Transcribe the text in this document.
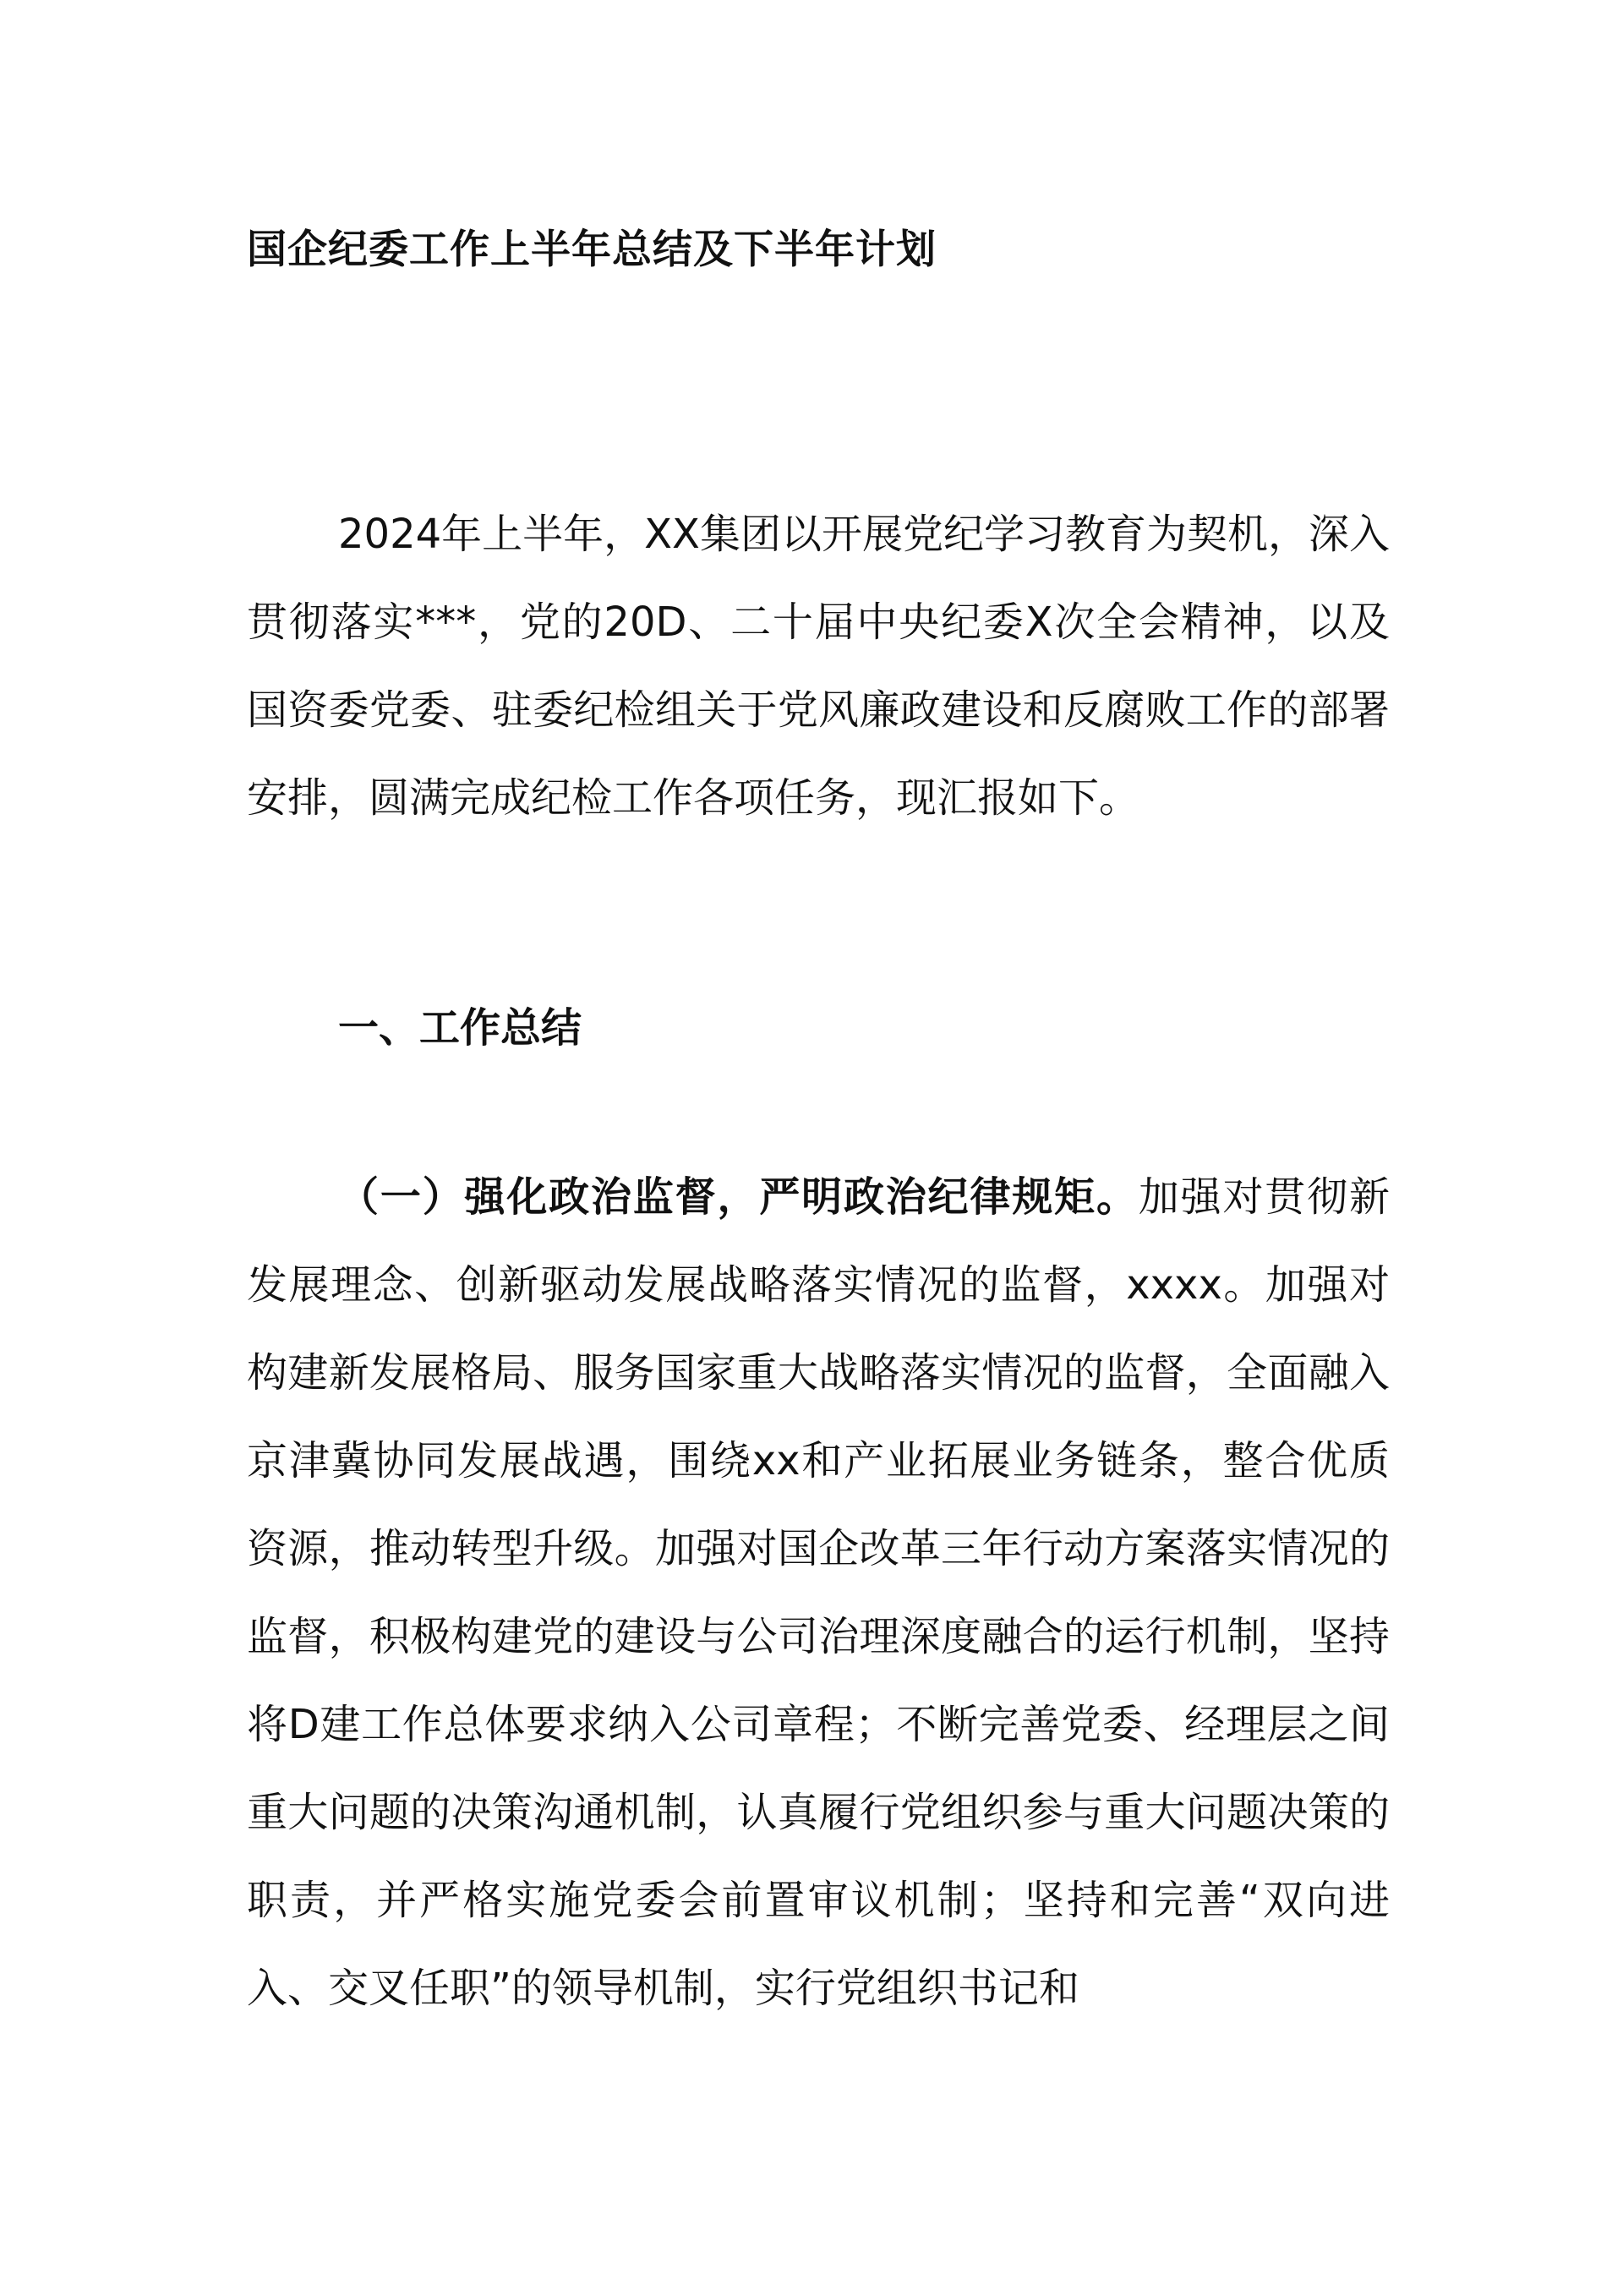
国企纪委工作上半年总结及下半年计划

2024年上半年，XX集团以开展党纪学习教育为契机，深入贯彻落实***，党的20D、二十届中央纪委X次全会精神，以及国资委党委、驻委纪检组关于党风廉政建设和反腐败工作的部署安排，圆满完成纪检工作各项任务，现汇报如下。

一、工作总结

（一）强化政治监督，严明政治纪律规矩。加强对贯彻新发展理念、创新驱动发展战略落实情况的监督，xxxx。加强对构建新发展格局、服务国家重大战略落实情况的监督，全面融入京津冀协同发展战遇，围绕xx和产业拓展业务链条，整合优质资源，推动转型升级。加强对国企改革三年行动方案落实情况的监督，积极构建党的建设与公司治理深度融合的运行机制，坚持将D建工作总体要求纳入公司章程；不断完善党委、经理层之间重大问题的决策沟通机制，认真履行党组织参与重大问题决策的职责，并严格实施党委会前置审议机制；坚持和完善“双向进入、交叉任职”的领导机制，实行党组织书记和
